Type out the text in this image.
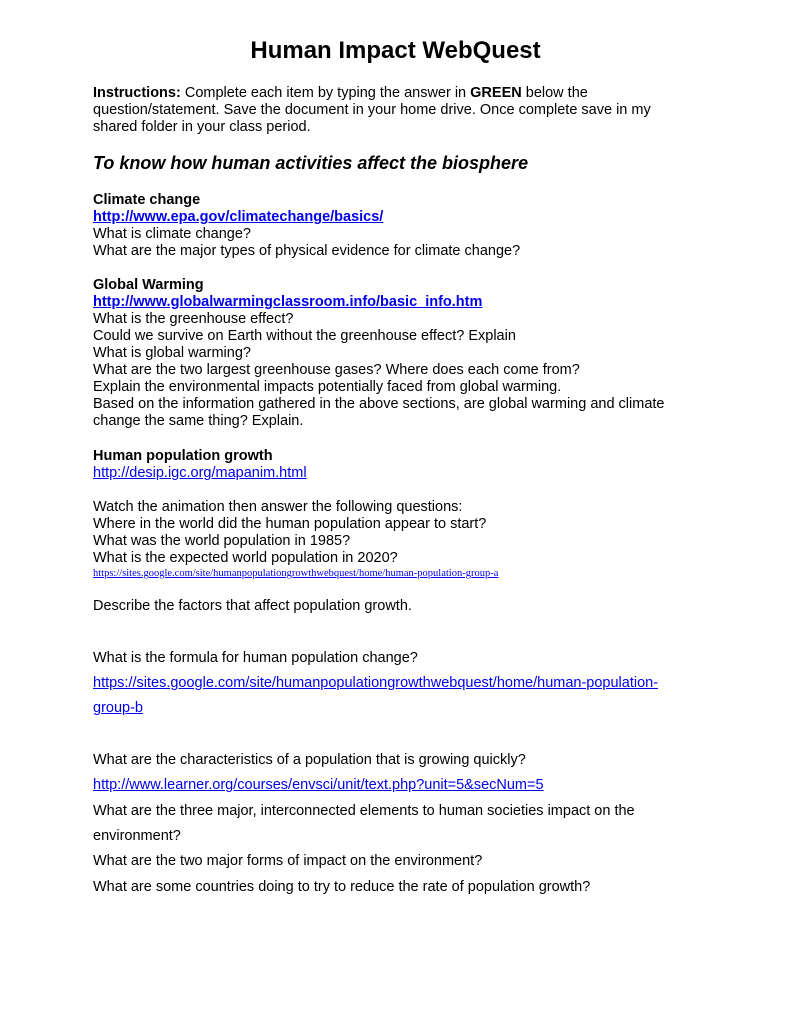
Human Impact WebQuest
Instructions: Complete each item by typing the answer in GREEN below the
question/statement. Save the document in your home drive. Once complete save in my
shared folder in your class period.
To know how human activities affect the biosphere
Climate change
http://www.epa.gov/climatechange/basics/
What is climate change?
What are the major types of physical evidence for climate change?
Global Warming
http://www.globalwarmingclassroom.info/basic_info.htm
What is the greenhouse effect?
Could we survive on Earth without the greenhouse effect? Explain
What is global warming?
What are the two largest greenhouse gases? Where does each come from?
Explain the environmental impacts potentially faced from global warming.
Based on the information gathered in the above sections, are global warming and climate
change the same thing? Explain.
Human population growth
http://desip.igc.org/mapanim.html
Watch the animation then answer the following questions:
Where in the world did the human population appear to start?
What was the world population in 1985?
What is the expected world population in 2020?
https://sites.google.com/site/humanpopulationgrowthwebquest/home/human-population-group-a
Describe the factors that affect population growth.
What is the formula for human population change?
https://sites.google.com/site/humanpopulationgrowthwebquest/home/human-population-
group-b
What are the characteristics of a population that is growing quickly?
http://www.learner.org/courses/envsci/unit/text.php?unit=5&secNum=5
What are the three major, interconnected elements to human societies impact on the
environment?
What are the two major forms of impact on the environment?
What are some countries doing to try to reduce the rate of population growth?
